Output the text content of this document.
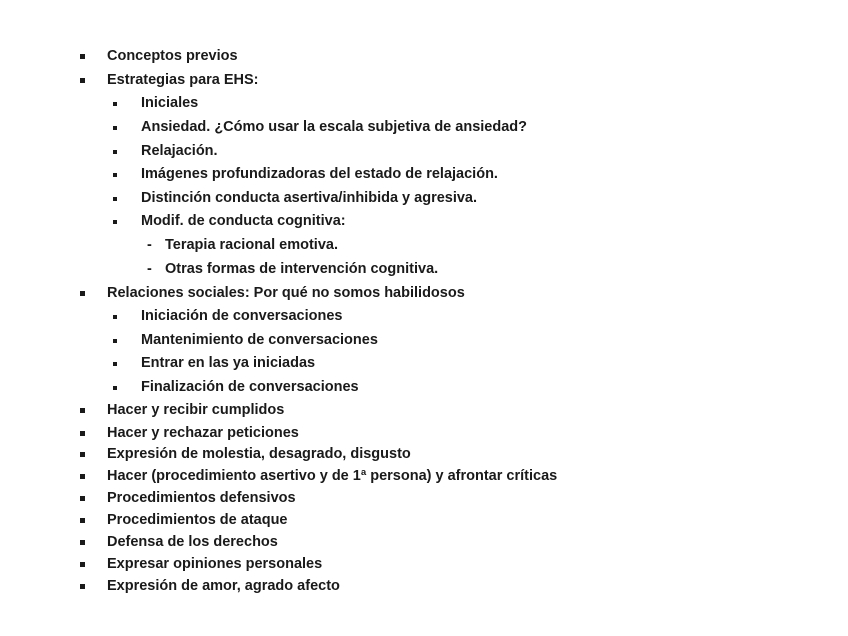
Conceptos previos
Estrategias para EHS:
Iniciales
Ansiedad. ¿Cómo usar la escala subjetiva de ansiedad?
Relajación.
Imágenes profundizadoras del estado de relajación.
Distinción conducta asertiva/inhibida y agresiva.
Modif. de conducta cognitiva:
- Terapia racional emotiva.
- Otras formas de intervención cognitiva.
Relaciones sociales: Por qué no somos habilidosos
Iniciación de conversaciones
Mantenimiento de conversaciones
Entrar en las ya iniciadas
Finalización de conversaciones
Hacer y recibir cumplidos
Hacer y rechazar peticiones
Expresión de molestia, desagrado, disgusto
Hacer (procedimiento asertivo y de 1ª persona) y afrontar críticas
Procedimientos defensivos
Procedimientos de ataque
Defensa de los derechos
Expresar opiniones personales
Expresión de amor, agrado afecto
